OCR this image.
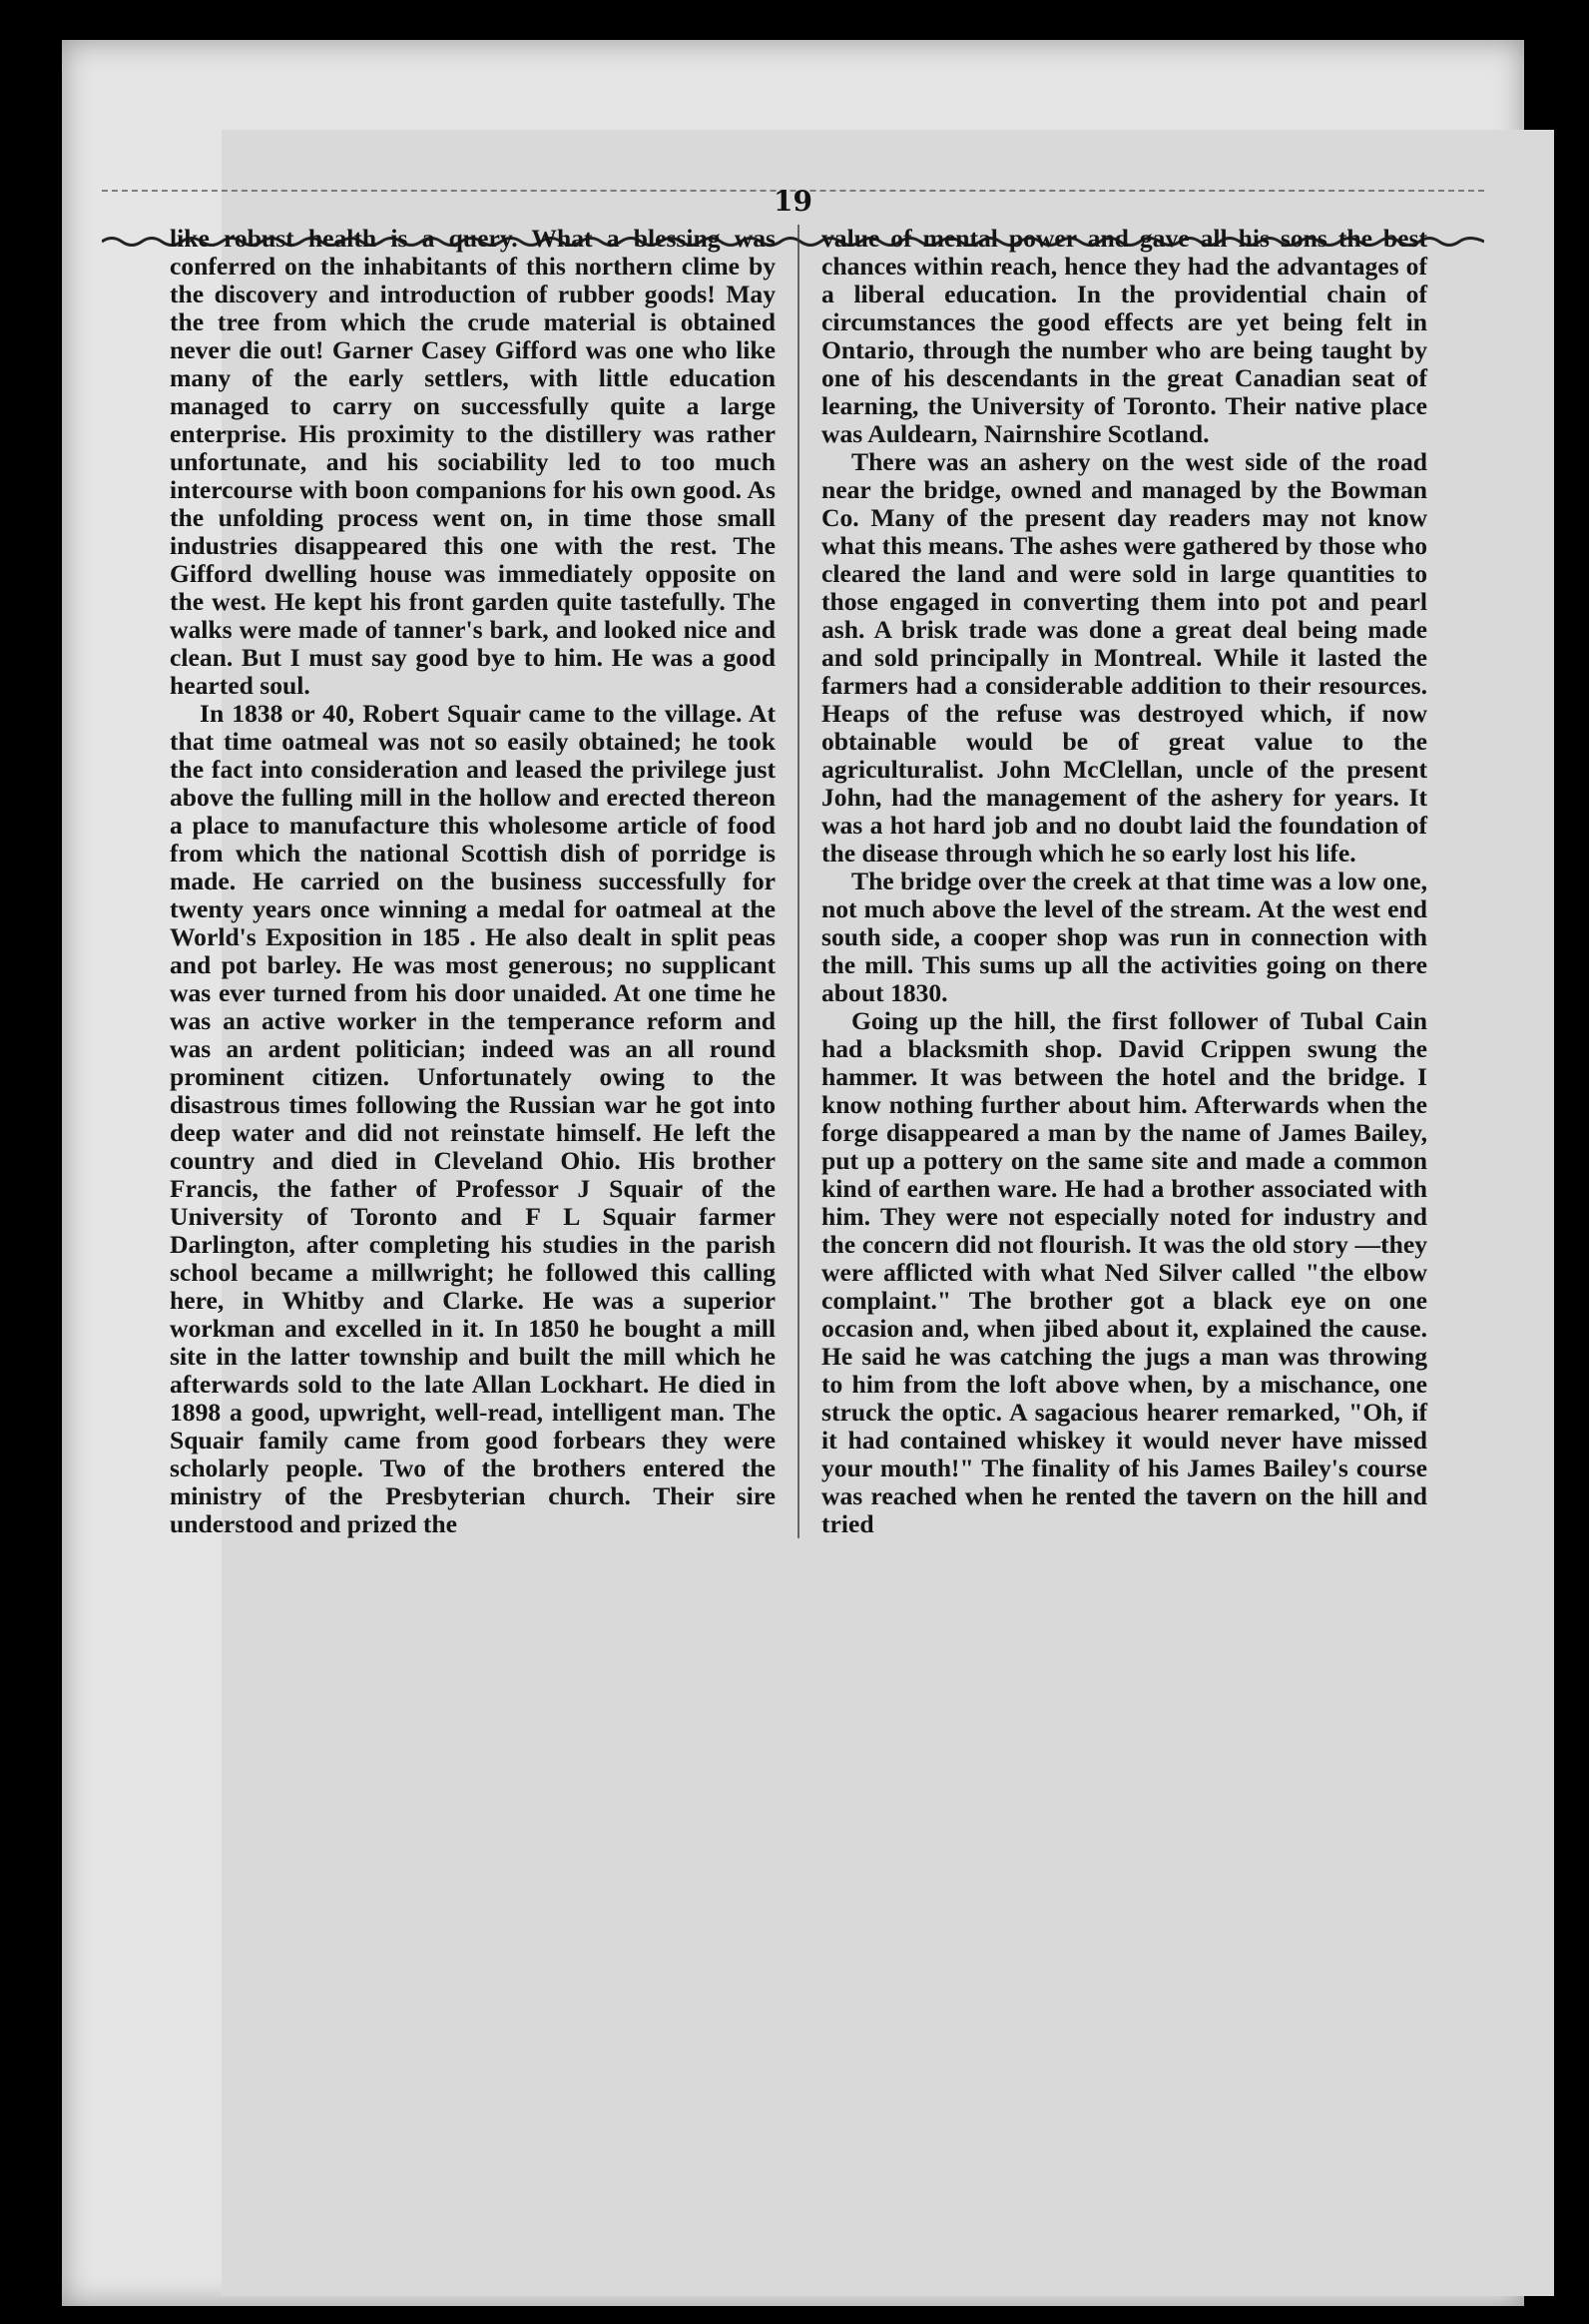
19

like robust health is a query. What a blessing was conferred on the inhabitants of this northern clime by the discovery and introduction of rubber goods! May the tree from which the crude material is obtained never die out! Garner Casey Gifford was one who like many of the early settlers, with little education managed to carry on successfully quite a large enterprise. His proximity to the distillery was rather unfortunate, and his sociability led to too much intercourse with boon companions for his own good. As the unfolding process went on, in time those small industries disappeared this one with the rest. The Gifford dwelling house was immediately opposite on the west. He kept his front garden quite tastefully. The walks were made of tanner's bark, and looked nice and clean. But I must say good bye to him. He was a good hearted soul.

In 1838 or 40, Robert Squair came to the village. At that time oatmeal was not so easily obtained; he took the fact into consideration and leased the privilege just above the fulling mill in the hollow and erected thereon a place to manufacture this wholesome article of food from which the national Scottish dish of porridge is made. He carried on the business successfully for twenty years once winning a medal for oatmeal at the World's Exposition in 185 . He also dealt in split peas and pot barley. He was most generous; no supplicant was ever turned from his door unaided. At one time he was an active worker in the temperance reform and was an ardent politician; indeed was an all round prominent citizen. Unfortunately owing to the disastrous times following the Russian war he got into deep water and did not reinstate himself. He left the country and died in Cleveland Ohio. His brother Francis, the father of Professor J Squair of the University of Toronto and F L Squair farmer Darlington, after completing his studies in the parish school became a millwright; he followed this calling here, in Whitby and Clarke. He was a superior workman and excelled in it. In 1850 he bought a mill site in the latter township and built the mill which he afterwards sold to the late Allan Lockhart. He died in 1898 a good, upwright, well-read, intelligent man. The Squair family came from good forbears they were scholarly people. Two of the brothers entered the ministry of the Presbyterian church. Their sire understood and prized the

value of mental power and gave all his sons the best chances within reach, hence they had the advantages of a liberal education. In the providential chain of circumstances the good effects are yet being felt in Ontario, through the number who are being taught by one of his descendants in the great Canadian seat of learning, the University of Toronto. Their native place was Auldearn, Nairnshire Scotland.

There was an ashery on the west side of the road near the bridge, owned and managed by the Bowman Co. Many of the present day readers may not know what this means. The ashes were gathered by those who cleared the land and were sold in large quantities to those engaged in converting them into pot and pearl ash. A brisk trade was done a great deal being made and sold principally in Montreal. While it lasted the farmers had a considerable addition to their resources. Heaps of the refuse was destroyed which, if now obtainable would be of great value to the agriculturalist. John McClellan, uncle of the present John, had the management of the ashery for years. It was a hot hard job and no doubt laid the foundation of the disease through which he so early lost his life.

The bridge over the creek at that time was a low one, not much above the level of the stream. At the west end south side, a cooper shop was run in connection with the mill. This sums up all the activities going on there about 1830.

Going up the hill, the first follower of Tubal Cain had a blacksmith shop. David Crippen swung the hammer. It was between the hotel and the bridge. I know nothing further about him. Afterwards when the forge disappeared a man by the name of James Bailey, put up a pottery on the same site and made a common kind of earthen ware. He had a brother associated with him. They were not especially noted for industry and the concern did not flourish. It was the old story —they were afflicted with what Ned Silver called "the elbow complaint." The brother got a black eye on one occasion and, when jibed about it, explained the cause. He said he was catching the jugs a man was throwing to him from the loft above when, by a mischance, one struck the optic. A sagacious hearer remarked, "Oh, if it had contained whiskey it would never have missed your mouth!" The finality of his James Bailey's course was reached when he rented the tavern on the hill and tried
